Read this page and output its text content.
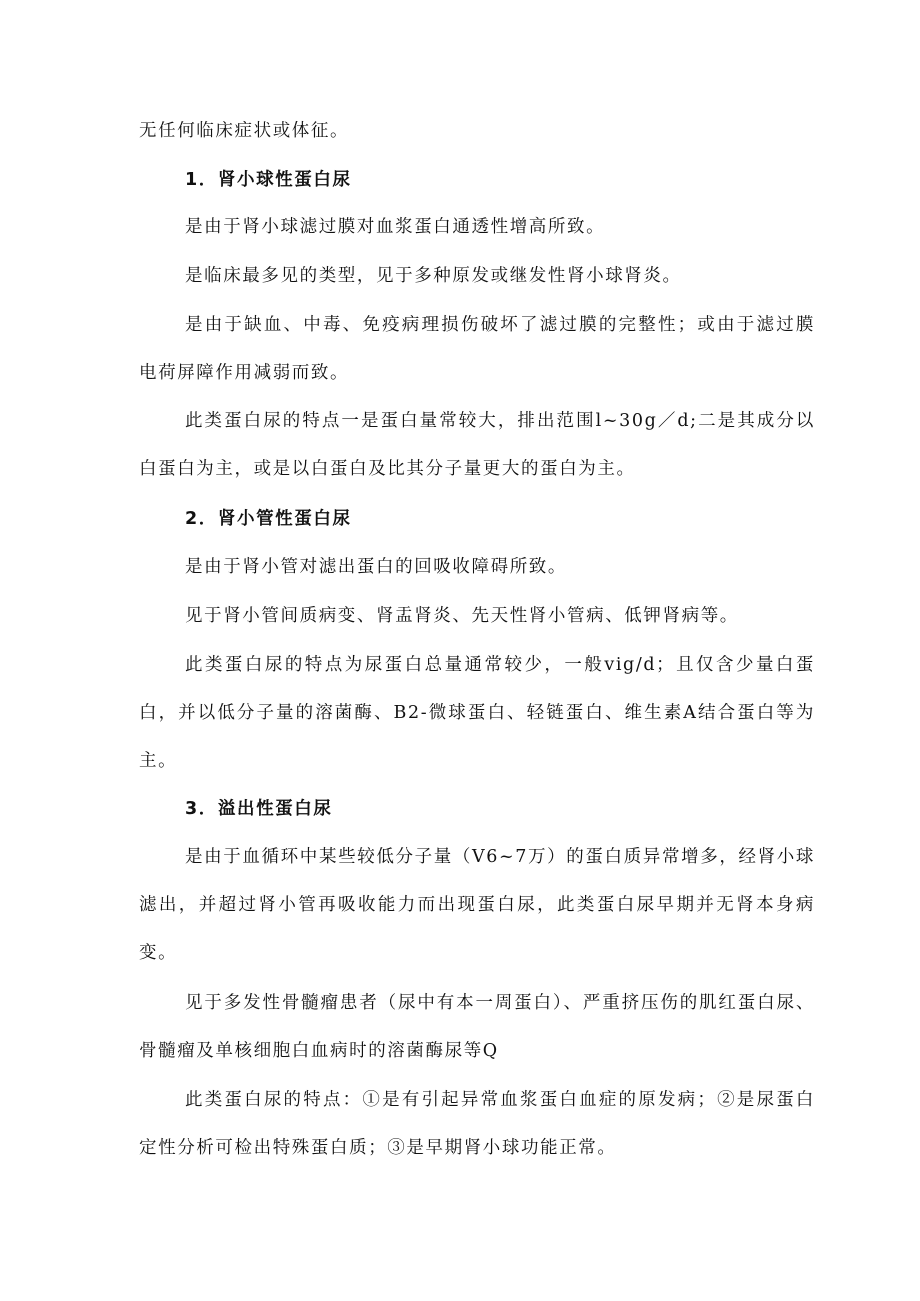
无任何临床症状或体征。

1．肾小球性蛋白尿

是由于肾小球滤过膜对血浆蛋白通透性增高所致。

是临床最多见的类型，见于多种原发或继发性肾小球肾炎。

是由于缺血、中毒、免疫病理损伤破坏了滤过膜的完整性；或由于滤过膜电荷屏障作用减弱而致。

此类蛋白尿的特点一是蛋白量常较大，排出范围l~30g／d;二是其成分以白蛋白为主，或是以白蛋白及比其分子量更大的蛋白为主。

2．肾小管性蛋白尿

是由于肾小管对滤出蛋白的回吸收障碍所致。

见于肾小管间质病变、肾盂肾炎、先天性肾小管病、低钾肾病等。

此类蛋白尿的特点为尿蛋白总量通常较少，一般vig/d；且仅含少量白蛋白，并以低分子量的溶菌酶、B2-微球蛋白、轻链蛋白、维生素A结合蛋白等为主。

3．溢出性蛋白尿

是由于血循环中某些较低分子量（V6~7万）的蛋白质异常增多，经肾小球滤出，并超过肾小管再吸收能力而出现蛋白尿，此类蛋白尿早期并无肾本身病变。

见于多发性骨髓瘤患者（尿中有本一周蛋白）、严重挤压伤的肌红蛋白尿、骨髓瘤及单核细胞白血病时的溶菌酶尿等Q

此类蛋白尿的特点：①是有引起异常血浆蛋白血症的原发病；②是尿蛋白定性分析可检出特殊蛋白质；③是早期肾小球功能正常。
